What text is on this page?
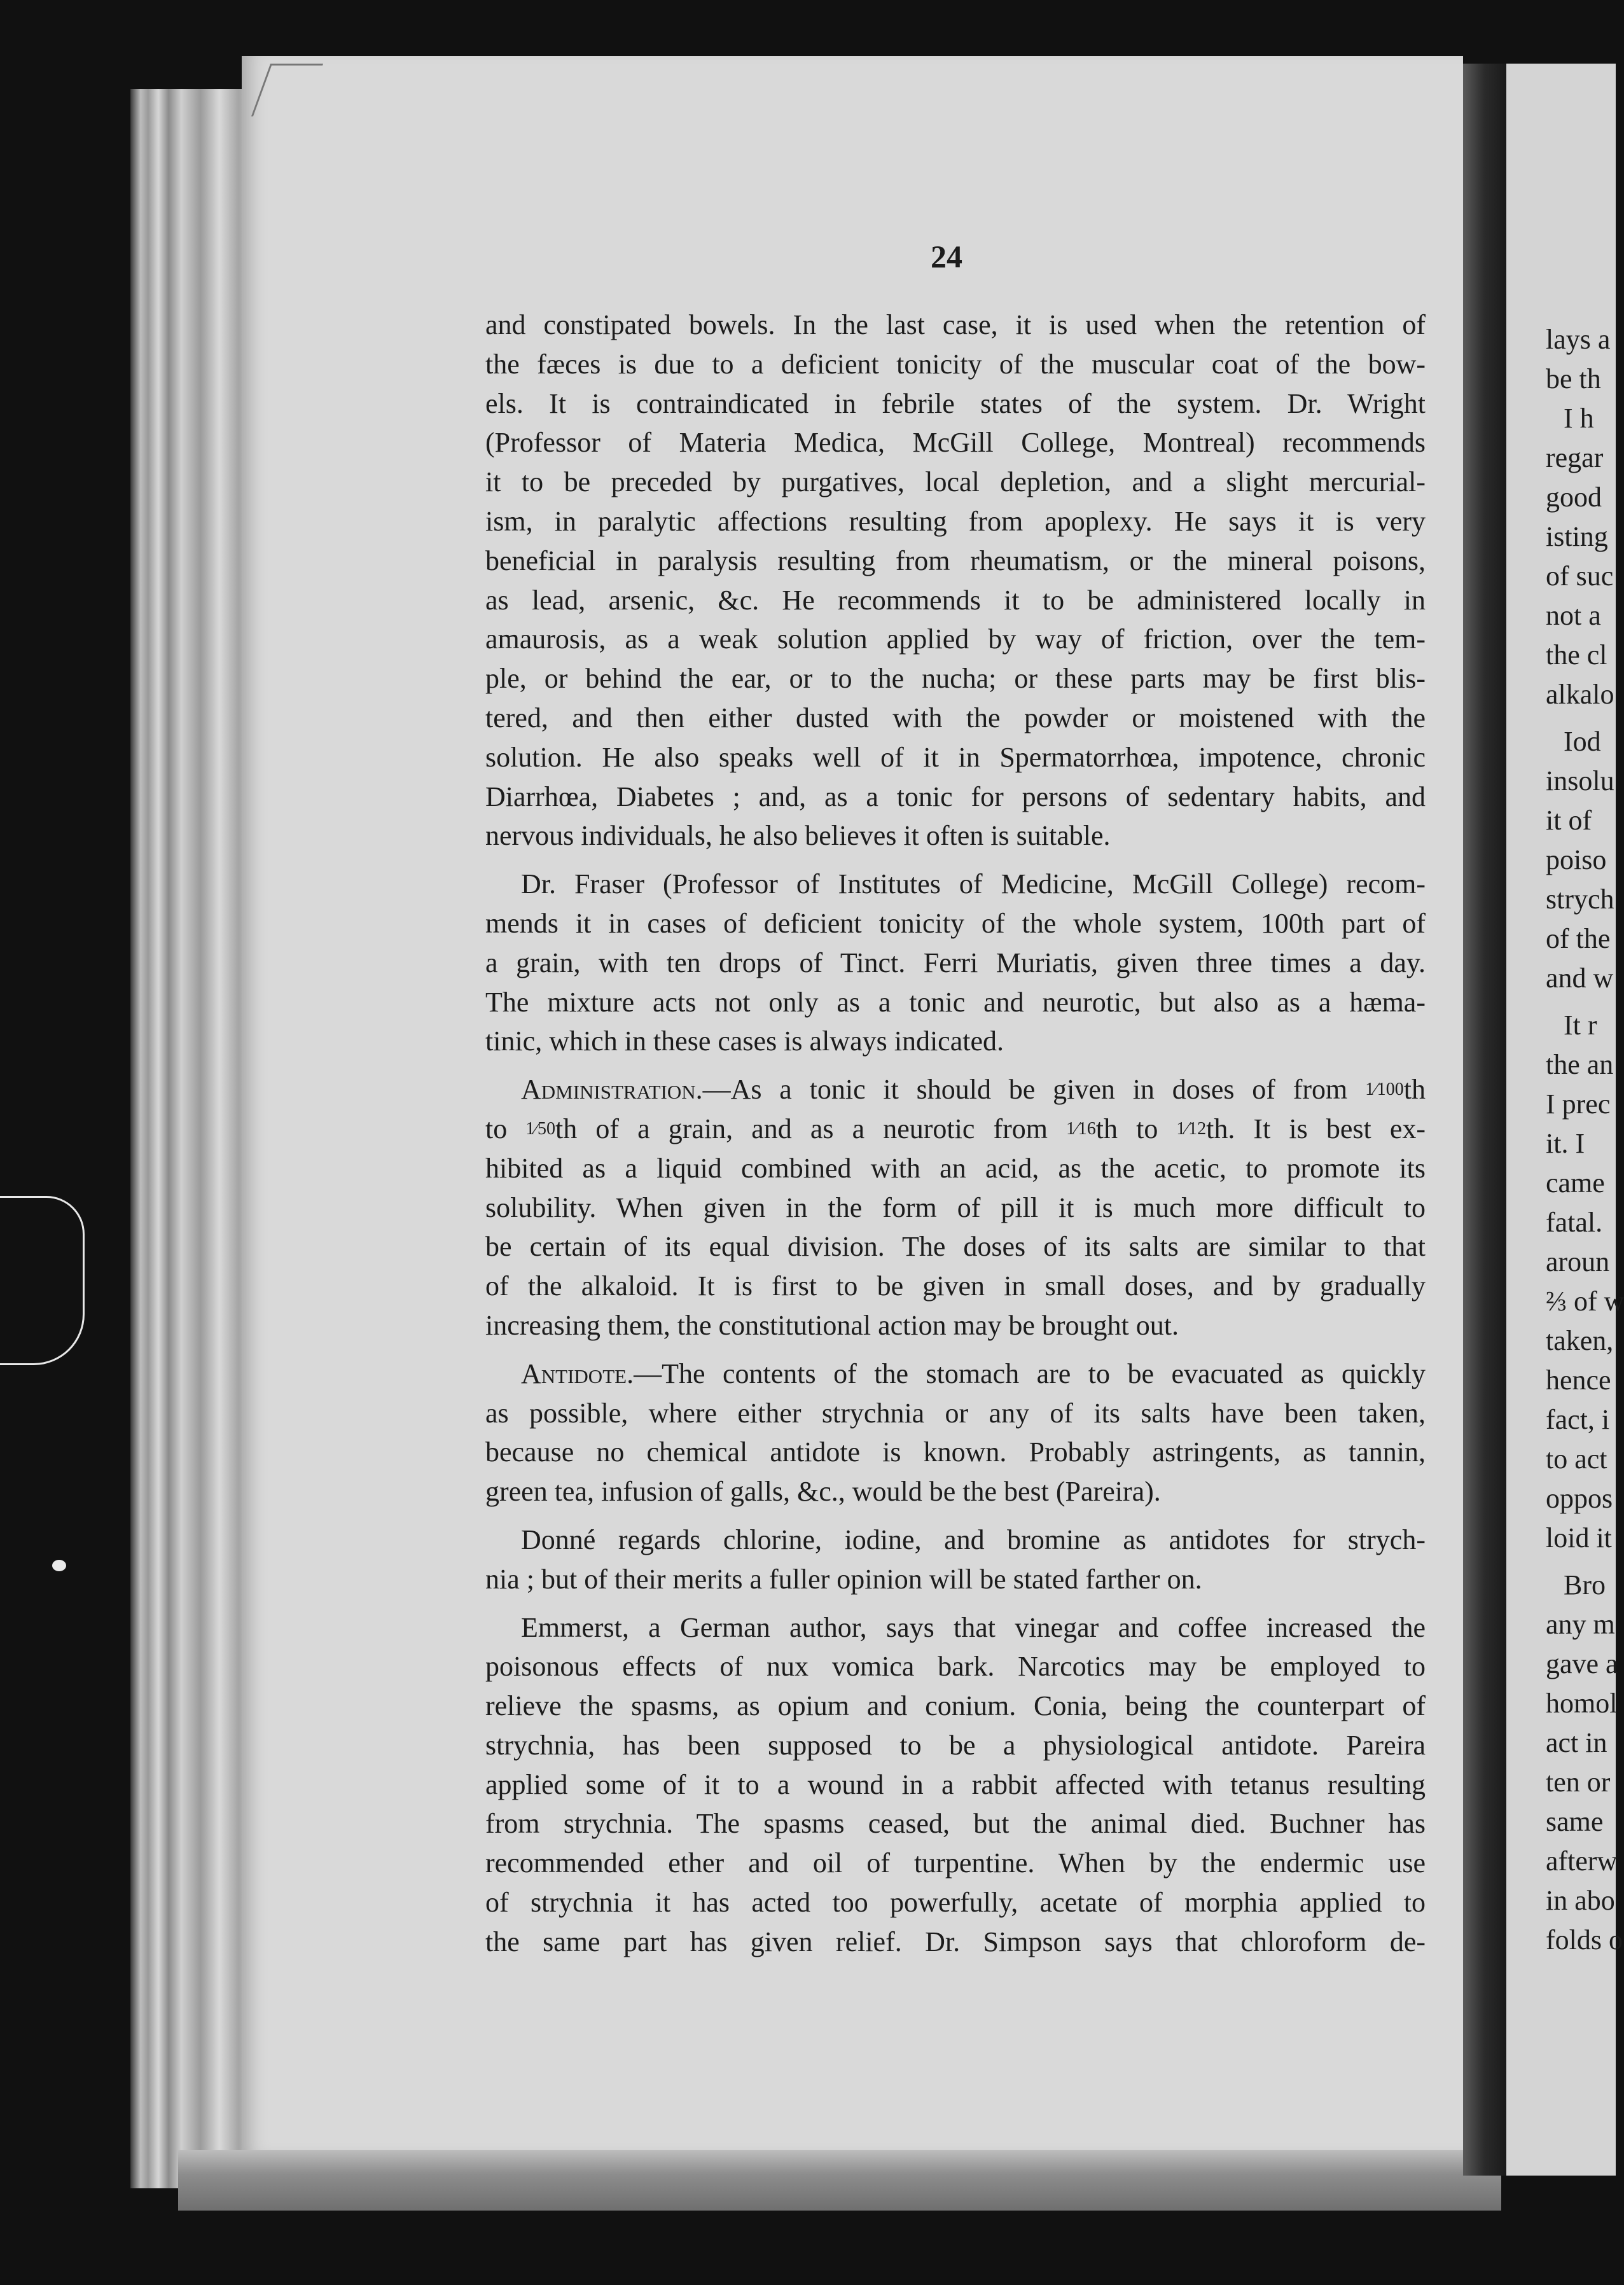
lays a
be th
I h
regar
good
isting
of suc
not a
the cl
alkalo
Iod
insolu
it of
poiso
strych
of the
and w
It r
the an
I prec
it. I
came
fatal.
aroun
⅔ of w
taken,
hence
fact, i
to act
oppos
loid it
Bro
any m
gave a
homol
act in
ten or
same
afterw
in abo
folds o
24

and constipated bowels. In the last case, it is used when the retention of

the fæces is due to a deficient tonicity of the muscular coat of the bow-

els. It is contraindicated in febrile states of the system. Dr. Wright

(Professor of Materia Medica, McGill College, Montreal) recommends

it to be preceded by purgatives, local depletion, and a slight mercurial-

ism, in paralytic affections resulting from apoplexy. He says it is very

beneficial in paralysis resulting from rheumatism, or the mineral poisons,

as lead, arsenic, &c. He recommends it to be administered locally in

amaurosis, as a weak solution applied by way of friction, over the tem-

ple, or behind the ear, or to the nucha; or these parts may be first blis-

tered, and then either dusted with the powder or moistened with the

solution. He also speaks well of it in Spermatorrhœa, impotence, chronic

Diarrhœa, Diabetes ; and, as a tonic for persons of sedentary habits, and

nervous individuals, he also believes it often is suitable.

Dr. Fraser (Professor of Institutes of Medicine, McGill College) recom-

mends it in cases of deficient tonicity of the whole system, 100th part of

a grain, with ten drops of Tinct. Ferri Muriatis, given three times a day.

The mixture acts not only as a tonic and neurotic, but also as a hæma-

tinic, which in these cases is always indicated.

Administration.—As a tonic it should be given in doses of from 1⁄100th

to 1⁄50th of a grain, and as a neurotic from 1⁄16th to 1⁄12th. It is best ex-

hibited as a liquid combined with an acid, as the acetic, to promote its

solubility. When given in the form of pill it is much more difficult to

be certain of its equal division. The doses of its salts are similar to that

of the alkaloid. It is first to be given in small doses, and by gradually

increasing them, the constitutional action may be brought out.

Antidote.—The contents of the stomach are to be evacuated as quickly

as possible, where either strychnia or any of its salts have been taken,

because no chemical antidote is known. Probably astringents, as tannin,

green tea, infusion of galls, &c., would be the best (Pareira).

Donné regards chlorine, iodine, and bromine as antidotes for strych-

nia ; but of their merits a fuller opinion will be stated farther on.

Emmerst, a German author, says that vinegar and coffee increased the

poisonous effects of nux vomica bark. Narcotics may be employed to

relieve the spasms, as opium and conium. Conia, being the counterpart of

strychnia, has been supposed to be a physiological antidote. Pareira

applied some of it to a wound in a rabbit affected with tetanus resulting

from strychnia. The spasms ceased, but the animal died. Buchner has

recommended ether and oil of turpentine. When by the endermic use

of strychnia it has acted too powerfully, acetate of morphia applied to

the same part has given relief. Dr. Simpson says that chloroform de-
